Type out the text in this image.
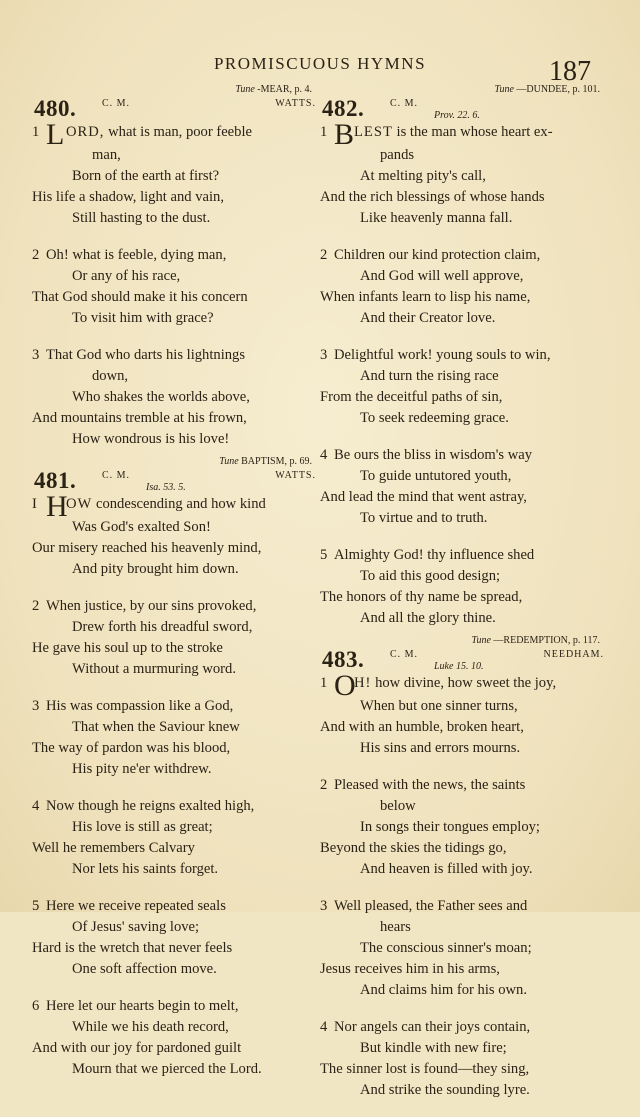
PROMISCUOUS HYMNS	187
Tune -MEAR, p. 4.
480.	C. M.	WATTS.
1 L ORD, what is man, poor feeble
man,
Born of the earth at first?
His life a shadow, light and vain,
Still hasting to the dust.
2 Oh! what is feeble, dying man,
Or any of his race,
That God should make it his concern
To visit him with grace?
3 That God who darts his lightnings
down,
Who shakes the worlds above,
And mountains tremble at his frown,
How wondrous is his love!
Tune BAPTISM, p. 69.
481.	C. M.	WATTS.
Isa. 53. 5.
I HOW condescending and how kind
Was God's exalted Son!
Our misery reached his heavenly mind,
And pity brought him down.
2 When justice, by our sins provoked,
Drew forth his dreadful sword,
He gave his soul up to the stroke
Without a murmuring word.
3 His was compassion like a God,
That when the Saviour knew
The way of pardon was his blood,
His pity ne'er withdrew.
4 Now though he reigns exalted high,
His love is still as great;
Well he remembers Calvary
Nor lets his saints forget.
5 Here we receive repeated seals
Of Jesus' saving love;
Hard is the wretch that never feels
One soft affection move.
6 Here let our hearts begin to melt,
While we his death record,
And with our joy for pardoned guilt
Mourn that we pierced the Lord.
Tune —DUNDEE, p. 101.
482.	C. M.
Prov. 22. 6.
1 BLEST is the man whose heart ex-
pands
At melting pity's call,
And the rich blessings of whose hands
Like heavenly manna fall.
2 Children our kind protection claim,
And God will well approve,
When infants learn to lisp his name,
And their Creator love.
3 Delightful work! young souls to win,
And turn the rising race
From the deceitful paths of sin,
To seek redeeming grace.
4 Be ours the bliss in wisdom's way
To guide untutored youth,
And lead the mind that went astray,
To virtue and to truth.
5 Almighty God! thy influence shed
To aid this good design;
The honors of thy name be spread,
And all the glory thine.
Tune —REDEMPTION, p. 117.
483.	C. M.	NEEDHAM.
Luke 15. 10.
1 OH! how divine, how sweet the joy,
When but one sinner turns,
And with an humble, broken heart,
His sins and errors mourns.
2 Pleased with the news, the saints
below
In songs their tongues employ;
Beyond the skies the tidings go,
And heaven is filled with joy.
3 Well pleased, the Father sees and
hears
The conscious sinner's moan;
Jesus receives him in his arms,
And claims him for his own.
4 Nor angels can their joys contain,
But kindle with new fire;
The sinner lost is found—they sing,
And strike the sounding lyre.
